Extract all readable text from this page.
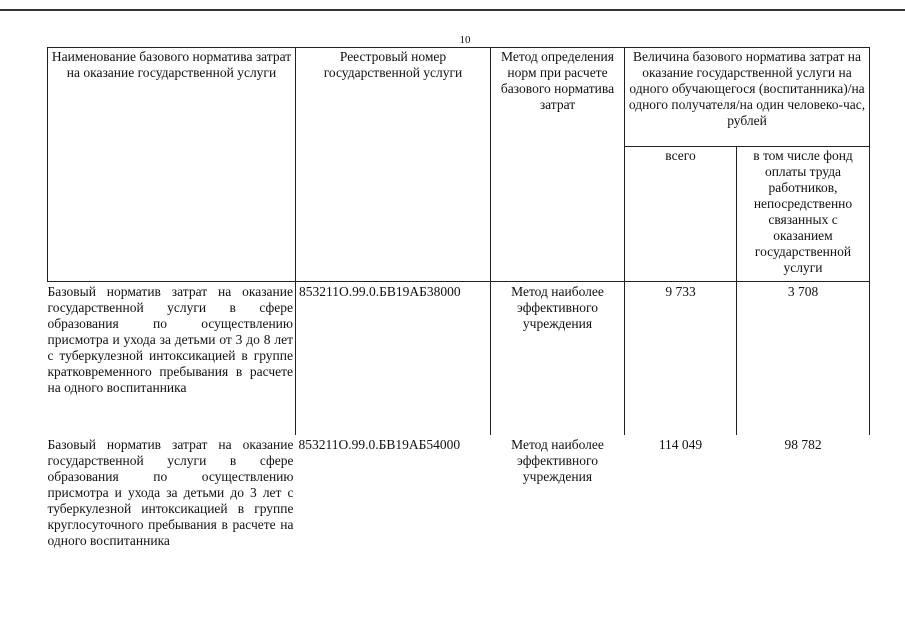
10
Наименование базового норматива затрат на оказание государственной услуги	Реестровый номер государственной услуги	Метод определения норм при расчете базового норматива затрат	Величина базового норматива затрат на оказание государственной услуги на одного обучающегося (воспитанника)/на одного получателя/на один человеко-час, рублей	
			всего	в том числе фонд оплаты труда работников, непосредственно связанных с оказанием государственной услуги
Базовый норматив затрат на оказание государственной услуги в сфере образования по осуществлению присмотра и ухода за детьми от 3 до 8 лет с туберкулезной интоксикацией в группе кратковременного пребывания в расчете на одного воспитанника	853211О.99.0.БВ19АБ38000	Метод наиболее эффективного учреждения	9 733	3 708
Базовый норматив затрат на оказание государственной услуги в сфере образования по осуществлению присмотра и ухода за детьми до 3 лет с туберкулезной интоксикацией в группе круглосуточного пребывания в расчете на одного воспитанника	853211О.99.0.БВ19АБ54000	Метод наиболее эффективного учреждения	114 049	98 782
